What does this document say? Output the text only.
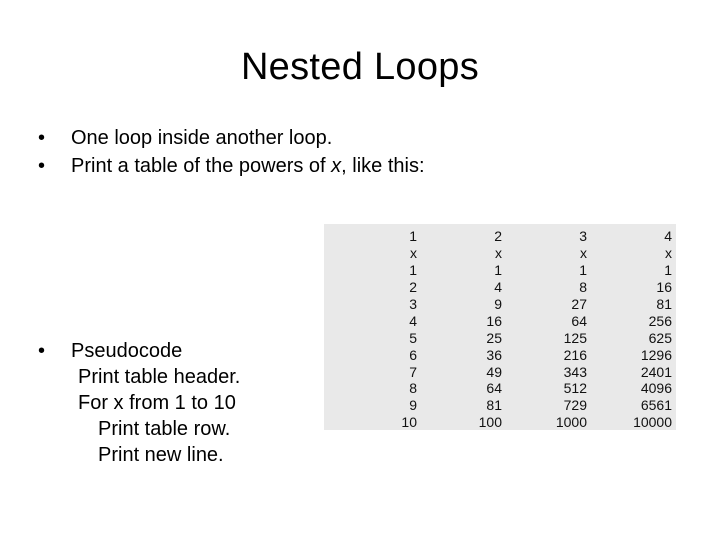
Nested Loops
• One loop inside another loop.
• Print a table of the powers of x, like this:
• Pseudocode
Print table header.
For x from 1 to 10
Print table row.
Print new line.
1	2	3	4
x	x	x	x
1	1	1	1
2	4	8	16
3	9	27	81
4	16	64	256
5	25	125	625
6	36	216	1296
7	49	343	2401
8	64	512	4096
9	81	729	6561
10	100	1000	10000
